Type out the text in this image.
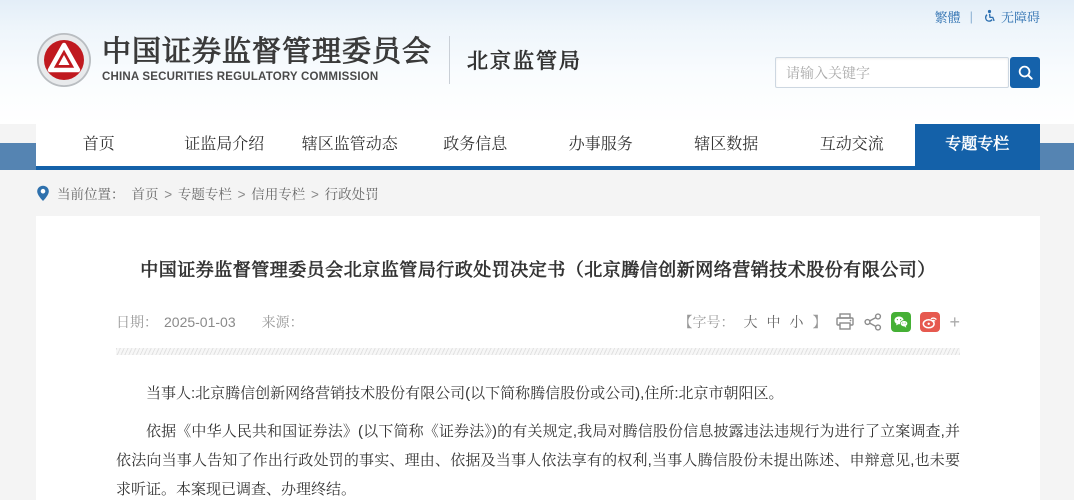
繁體 | 无障碍
中国证券监督管理委员会
CHINA SECURITIES REGULATORY COMMISSION
北京监管局
请输入关键字
首页	证监局介绍	辖区监管动态	政务信息	办事服务	辖区数据	互动交流	专题专栏
当前位置： 首页 > 专题专栏 > 信用专栏 > 行政处罚
中国证券监督管理委员会北京监管局行政处罚决定书（北京腾信创新网络营销技术股份有限公司）
日期： 2025-01-03 来源：	【字号： 大 中 小 】	+

当事人:北京腾信创新网络营销技术股份有限公司(以下简称腾信股份或公司),住所:北京市朝阳区。

依据《中华人民共和国证券法》(以下简称《证券法》)的有关规定,我局对腾信股份信息披露违法违规行为进行了立案调查,并依法向当事人告知了作出行政处罚的事实、理由、依据及当事人依法享有的权利,当事人腾信股份未提出陈述、申辩意见,也未要求听证。本案现已调查、办理终结。
